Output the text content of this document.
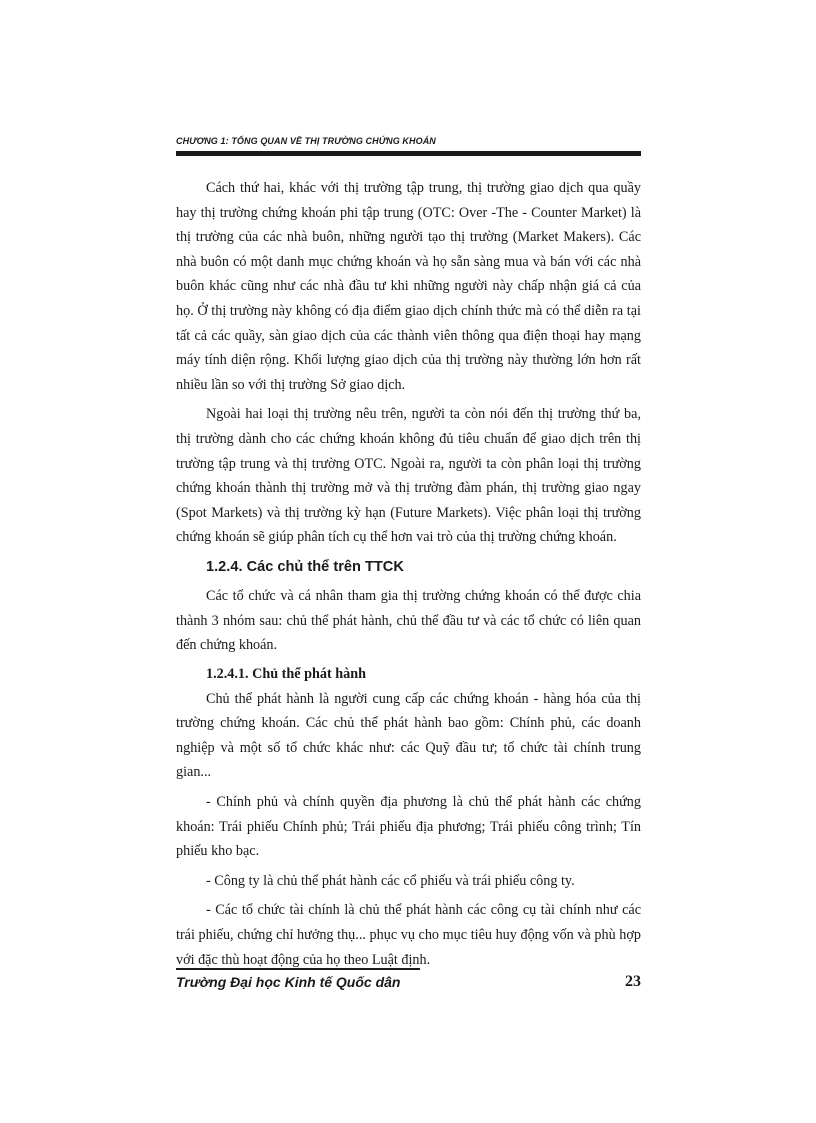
CHƯƠNG 1: TỔNG QUAN VỀ THỊ TRƯỜNG CHỨNG KHOÁN

Cách thứ hai, khác với thị trường tập trung, thị trường giao dịch qua quầy hay thị trường chứng khoán phi tập trung (OTC: Over -The - Counter Market) là thị trường của các nhà buôn, những người tạo thị trường (Market Makers). Các nhà buôn có một danh mục chứng khoán và họ sẵn sàng mua và bán với các nhà buôn khác cũng như các nhà đầu tư khi những người này chấp nhận giá cả của họ. Ở thị trường này không có địa điểm giao dịch chính thức mà có thể diễn ra tại tất cả các quầy, sàn giao dịch của các thành viên thông qua điện thoại hay mạng máy tính diện rộng. Khối lượng giao dịch của thị trường này thường lớn hơn rất nhiều lần so với thị trường Sở giao dịch.

Ngoài hai loại thị trường nêu trên, người ta còn nói đến thị trường thứ ba, thị trường dành cho các chứng khoán không đủ tiêu chuẩn để giao dịch trên thị trường tập trung và thị trường OTC. Ngoài ra, người ta còn phân loại thị trường chứng khoán thành thị trường mở và thị trường đàm phán, thị trường giao ngay (Spot Markets) và thị trường kỳ hạn (Future Markets). Việc phân loại thị trường chứng khoán sẽ giúp phân tích cụ thể hơn vai trò của thị trường chứng khoán.

1.2.4. Các chủ thể trên TTCK

Các tổ chức và cá nhân tham gia thị trường chứng khoán có thể được chia thành 3 nhóm sau: chủ thể phát hành, chủ thể đầu tư và các tổ chức có liên quan đến chứng khoán.

1.2.4.1. Chủ thể phát hành

Chủ thể phát hành là người cung cấp các chứng khoán - hàng hóa của thị trường chứng khoán. Các chủ thể phát hành bao gồm: Chính phủ, các doanh nghiệp và một số tổ chức khác như: các Quỹ đầu tư; tổ chức tài chính trung gian...

- Chính phủ và chính quyền địa phương là chủ thể phát hành các chứng khoán: Trái phiếu Chính phủ; Trái phiếu địa phương; Trái phiếu công trình; Tín phiếu kho bạc.

- Công ty là chủ thể phát hành các cổ phiếu và trái phiếu công ty.

- Các tổ chức tài chính là chủ thể phát hành các công cụ tài chính như các trái phiếu, chứng chỉ hưởng thụ... phục vụ cho mục tiêu huy động vốn và phù hợp với đặc thù hoạt động của họ theo Luật định.

Trường Đại học Kinh tế Quốc dân	23
